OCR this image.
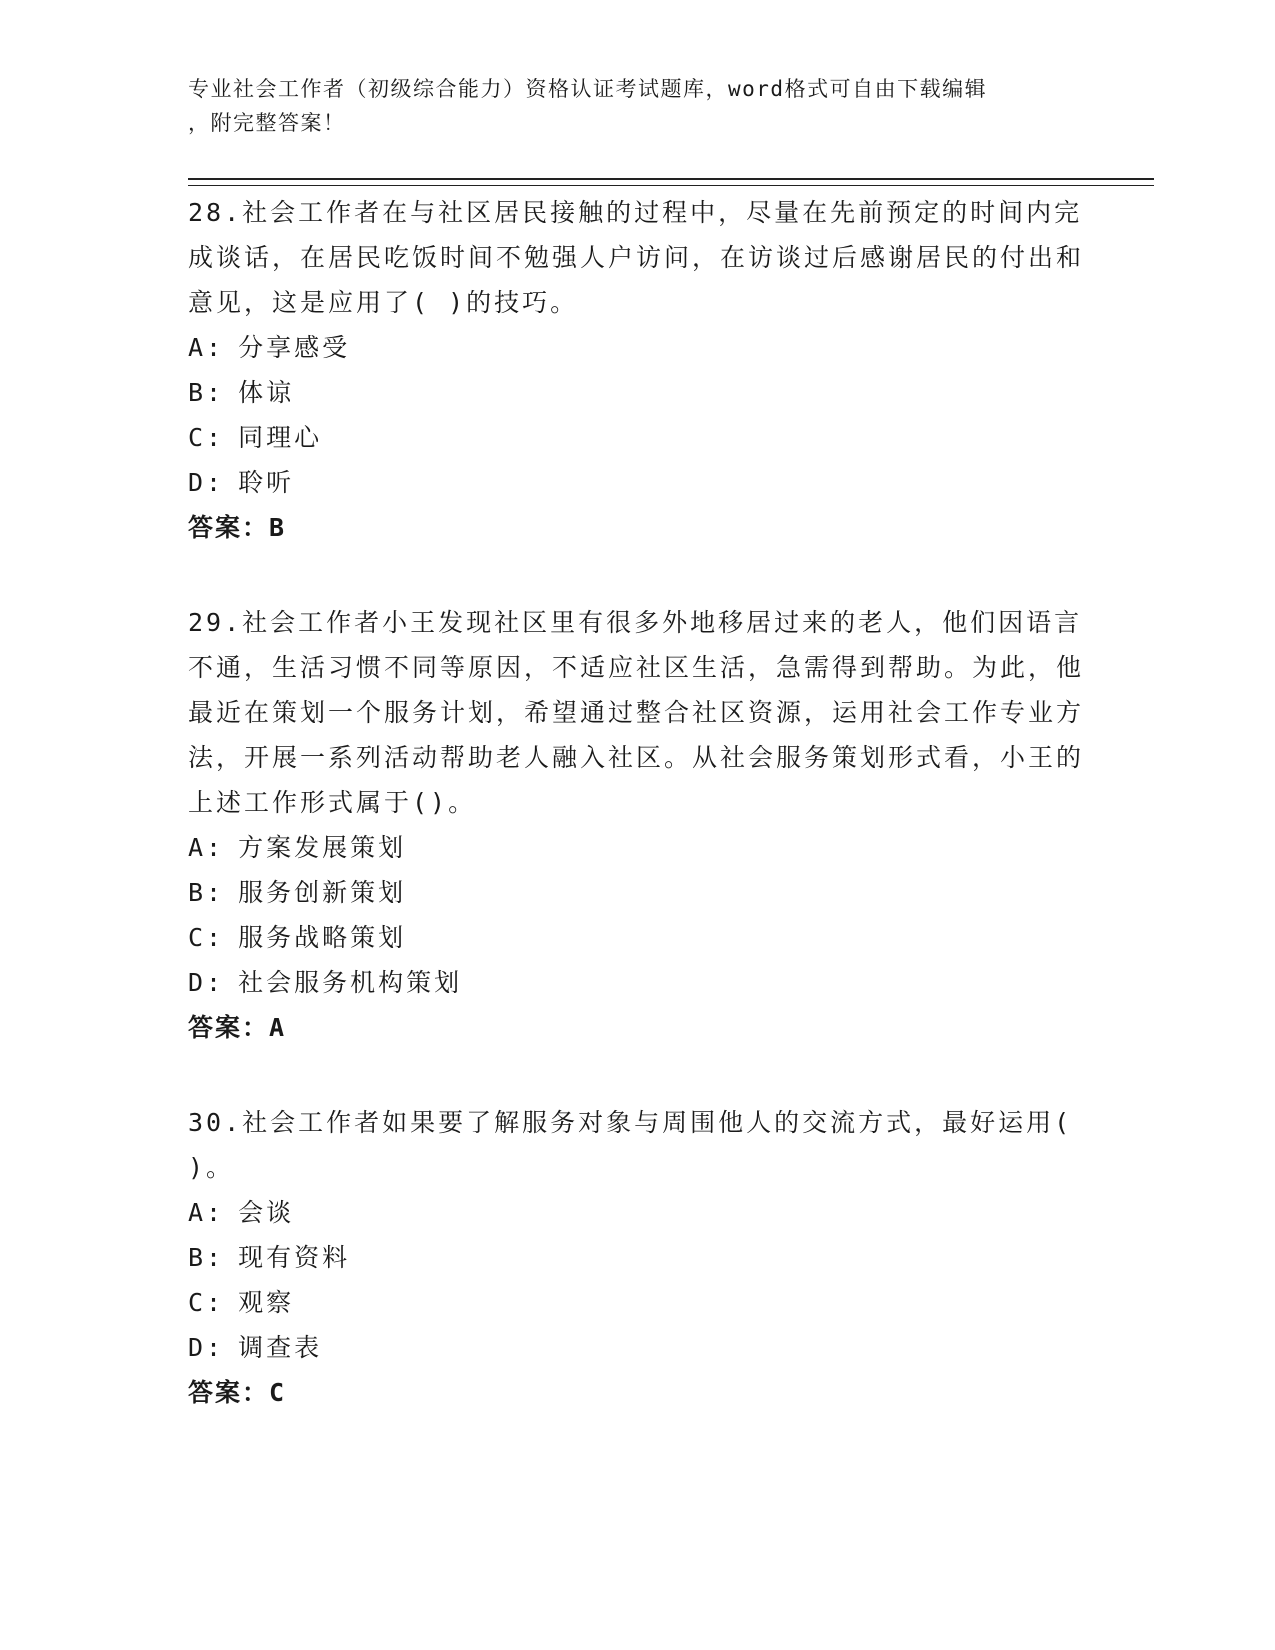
专业社会工作者（初级综合能力）资格认证考试题库，word格式可自由下载编辑
，附完整答案！

28.社会工作者在与社区居民接触的过程中，尽量在先前预定的时间内完成谈话，在居民吃饭时间不勉强人户访问，在访谈过后感谢居民的付出和意见，这是应用了( )的技巧。

A: 分享感受
B: 体谅
C: 同理心
D: 聆听
答案：B

29.社会工作者小王发现社区里有很多外地移居过来的老人，他们因语言不通，生活习惯不同等原因，不适应社区生活，急需得到帮助。为此，他最近在策划一个服务计划，希望通过整合社区资源，运用社会工作专业方法，开展一系列活动帮助老人融入社区。从社会服务策划形式看，小王的上述工作形式属于()。

A: 方案发展策划
B: 服务创新策划
C: 服务战略策划
D: 社会服务机构策划
答案：A

30.社会工作者如果要了解服务对象与周围他人的交流方式，最好运用( )。

A: 会谈
B: 现有资料
C: 观察
D: 调查表
答案：C
